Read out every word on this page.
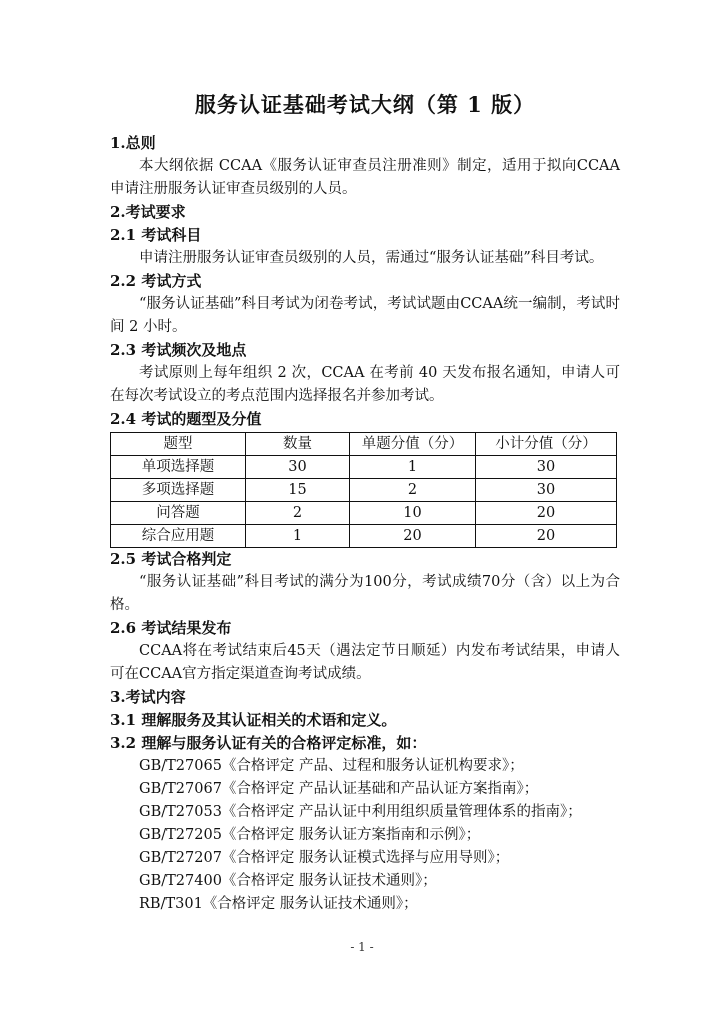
服务认证基础考试大纲（第 1 版）

1.总则

本大纲依据 CCAA《服务认证审查员注册准则》制定，适用于拟向CCAA申请注册服务认证审查员级别的人员。

2.考试要求

2.1 考试科目

申请注册服务认证审查员级别的人员，需通过“服务认证基础”科目考试。

2.2 考试方式

“服务认证基础”科目考试为闭卷考试，考试试题由CCAA统一编制，考试时间 2 小时。

2.3 考试频次及地点

考试原则上每年组织 2 次，CCAA 在考前 40 天发布报名通知，申请人可在每次考试设立的考点范围内选择报名并参加考试。

2.4 考试的题型及分值

题型	数量	单题分值（分）	小计分值（分）
单项选择题	30	1	30
多项选择题	15	2	30
问答题	2	10	20
综合应用题	1	20	20

2.5 考试合格判定

“服务认证基础”科目考试的满分为100分，考试成绩70分（含）以上为合格。

2.6 考试结果发布

CCAA将在考试结束后45天（遇法定节日顺延）内发布考试结果，申请人可在CCAA官方指定渠道查询考试成绩。

3.考试内容

3.1 理解服务及其认证相关的术语和定义。

3.2 理解与服务认证有关的合格评定标准，如：

GB/T27065《合格评定 产品、过程和服务认证机构要求》；

GB/T27067《合格评定 产品认证基础和产品认证方案指南》；

GB/T27053《合格评定 产品认证中利用组织质量管理体系的指南》；

GB/T27205《合格评定 服务认证方案指南和示例》；

GB/T27207《合格评定 服务认证模式选择与应用导则》；

GB/T27400《合格评定 服务认证技术通则》；

RB/T301《合格评定 服务认证技术通则》；

- 1 -
